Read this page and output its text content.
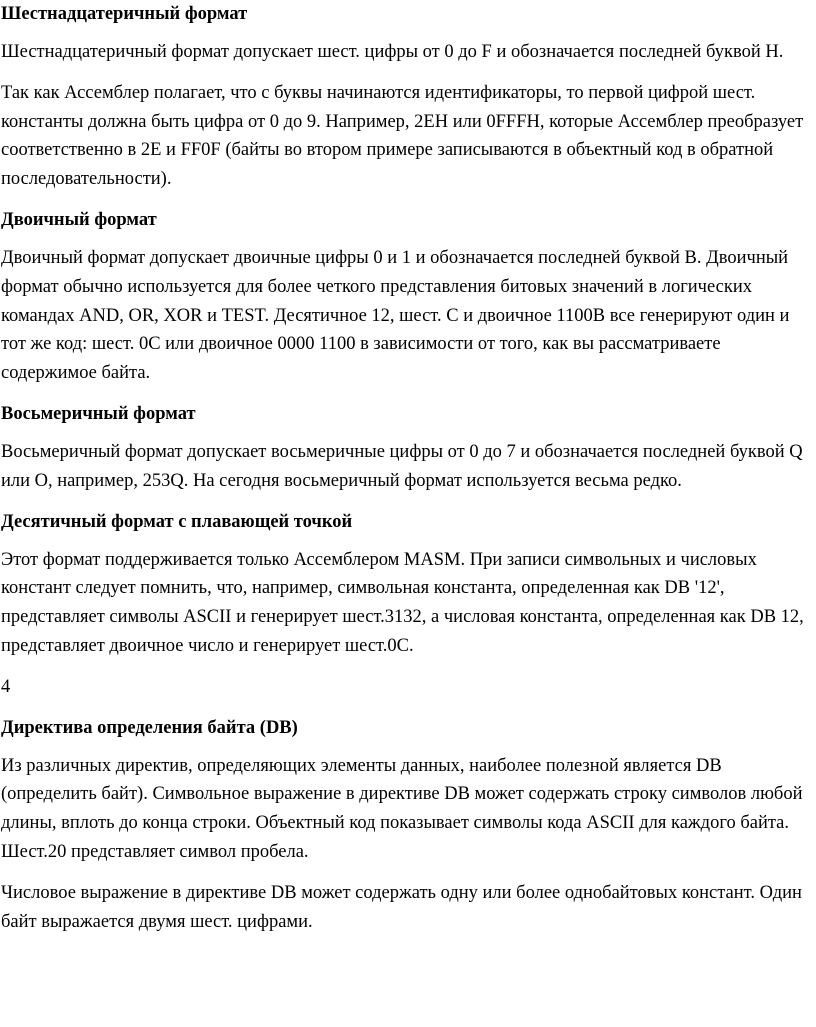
Шестнадцатеричный формат

Шестнадцатеричный формат допускает шест. цифры от 0 до F и обозначается последней буквой H.

Так как Ассемблер полагает, что с буквы начинаются идентификаторы, то первой цифрой шест. константы должна быть цифра от 0 до 9. Например, 2EH или 0FFFH, которые Ассемблер преобразует соответственно в 2E и FF0F (байты во втором примере записываются в объектный код в обратной последовательности).

Двоичный формат

Двоичный формат допускает двоичные цифры 0 и 1 и обозначается последней буквой B. Двоичный формат обычно используется для более четкого представления битовых значений в логических командах AND, OR, XOR и TEST. Десятичное 12, шест. C и двоичное 1100B все генерируют один и тот же код: шест. 0C или двоичное 0000 1100 в зависимости от того, как вы рассматриваете содержимое байта.

Восьмеричный формат

Восьмеричный формат допускает восьмеричные цифры от 0 до 7 и обозначается последней буквой Q или O, например, 253Q. На сегодня восьмеричный формат используется весьма редко.

Десятичный формат с плавающей точкой

Этот формат поддерживается только Ассемблером MASM. При записи символьных и числовых констант следует помнить, что, например, символьная константа, определенная как DB '12', представляет символы ASCII и генерирует шест.3132, а числовая константа, определенная как DB 12, представляет двоичное число и генерирует шест.0C.

4

Директива определения байта (DB)

Из различных директив, определяющих элементы данных, наиболее полезной является DB (определить байт). Символьное выражение в директиве DB может содержать строку символов любой длины, вплоть до конца строки. Объектный код показывает символы кода ASCII для каждого байта. Шест.20 представляет символ пробела.

Числовое выражение в директиве DB может содержать одну или более однобайтовых констант. Один байт выражается двумя шест. цифрами.
